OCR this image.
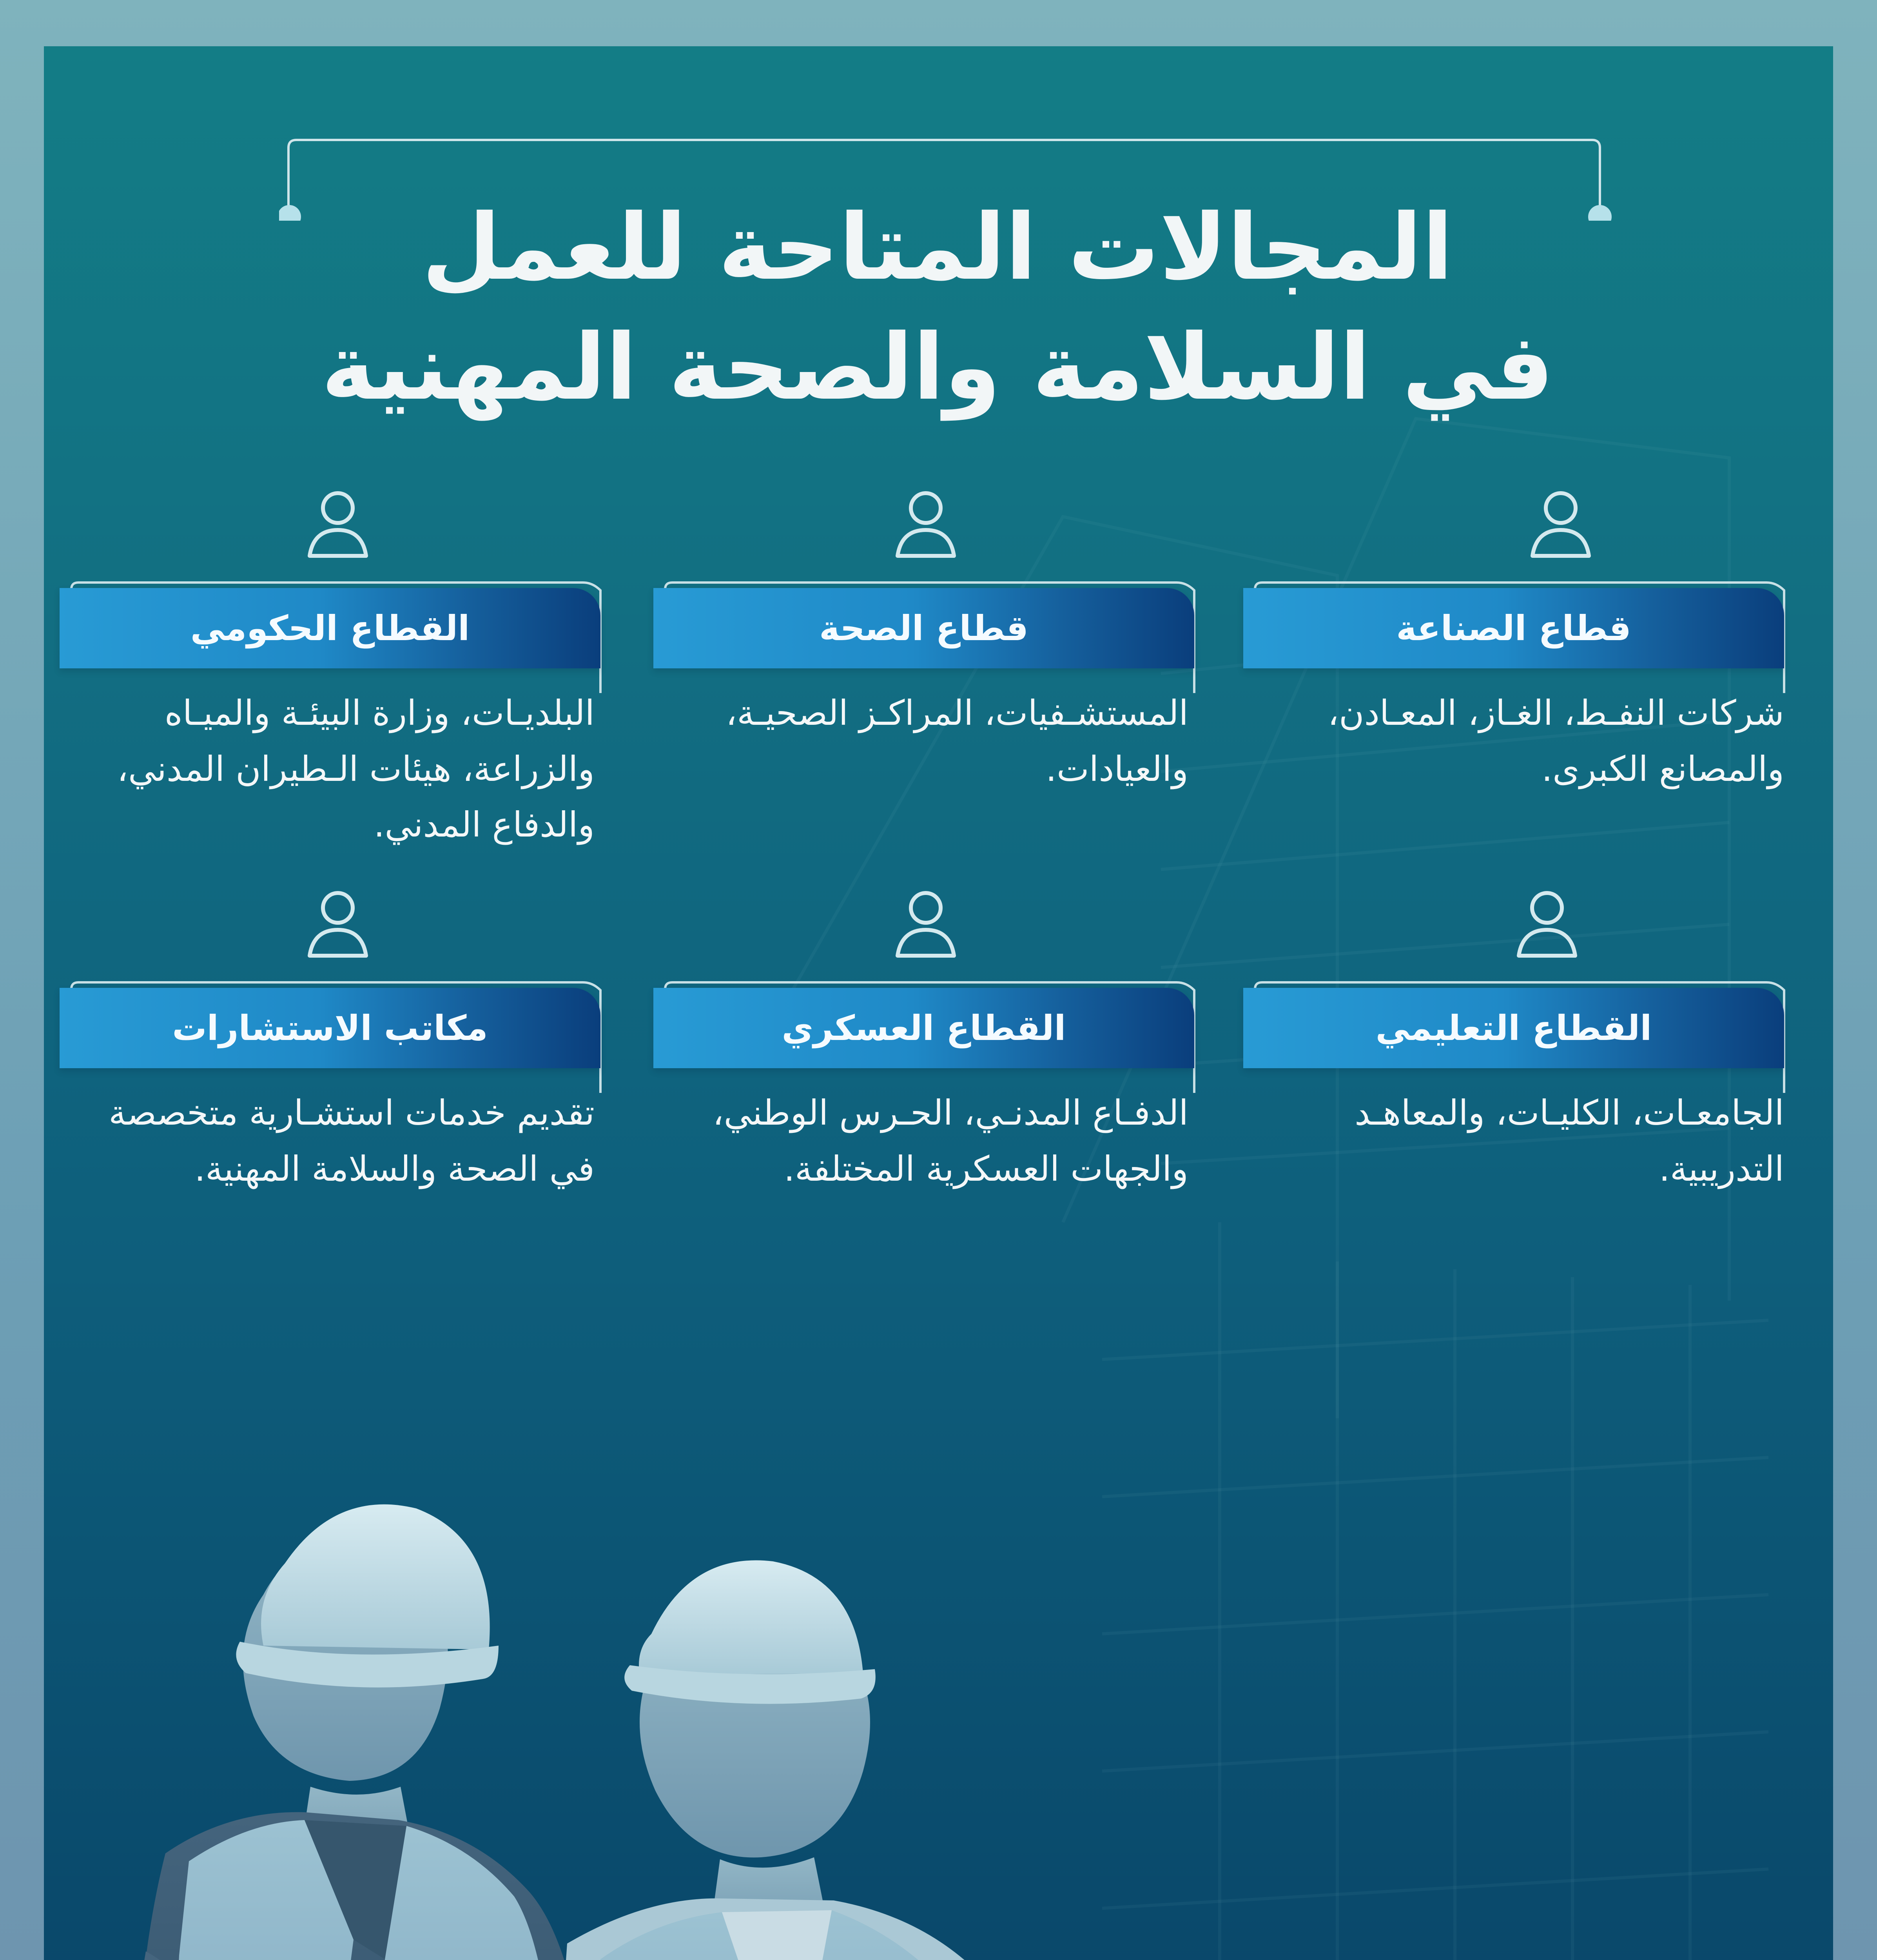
المجالات المتاحة للعمل
في السلامة والصحة المهنية
قطاع الصناعة
شركات النفـط، الغـاز، المعـادن، والمصانع الكبرى.
قطاع الصحة
المستشـفيات، المراكـز الصحيـة، والعيادات.
القطاع الحكومي
البلديـات، وزارة البيئـة والميـاه والزراعة، هيئات الـطيران المدني، والدفاع المدني.
القطاع التعليمي
الجامعـات، الكليـات، والمعاهـد التدريبية.
القطاع العسكري
الدفـاع المدنـي، الحـرس الوطني، والجهات العسكرية المختلفة.
مكاتب الاستشارات
تقديم خدمات استشـارية متخصصة في الصحة والسلامة المهنية.
